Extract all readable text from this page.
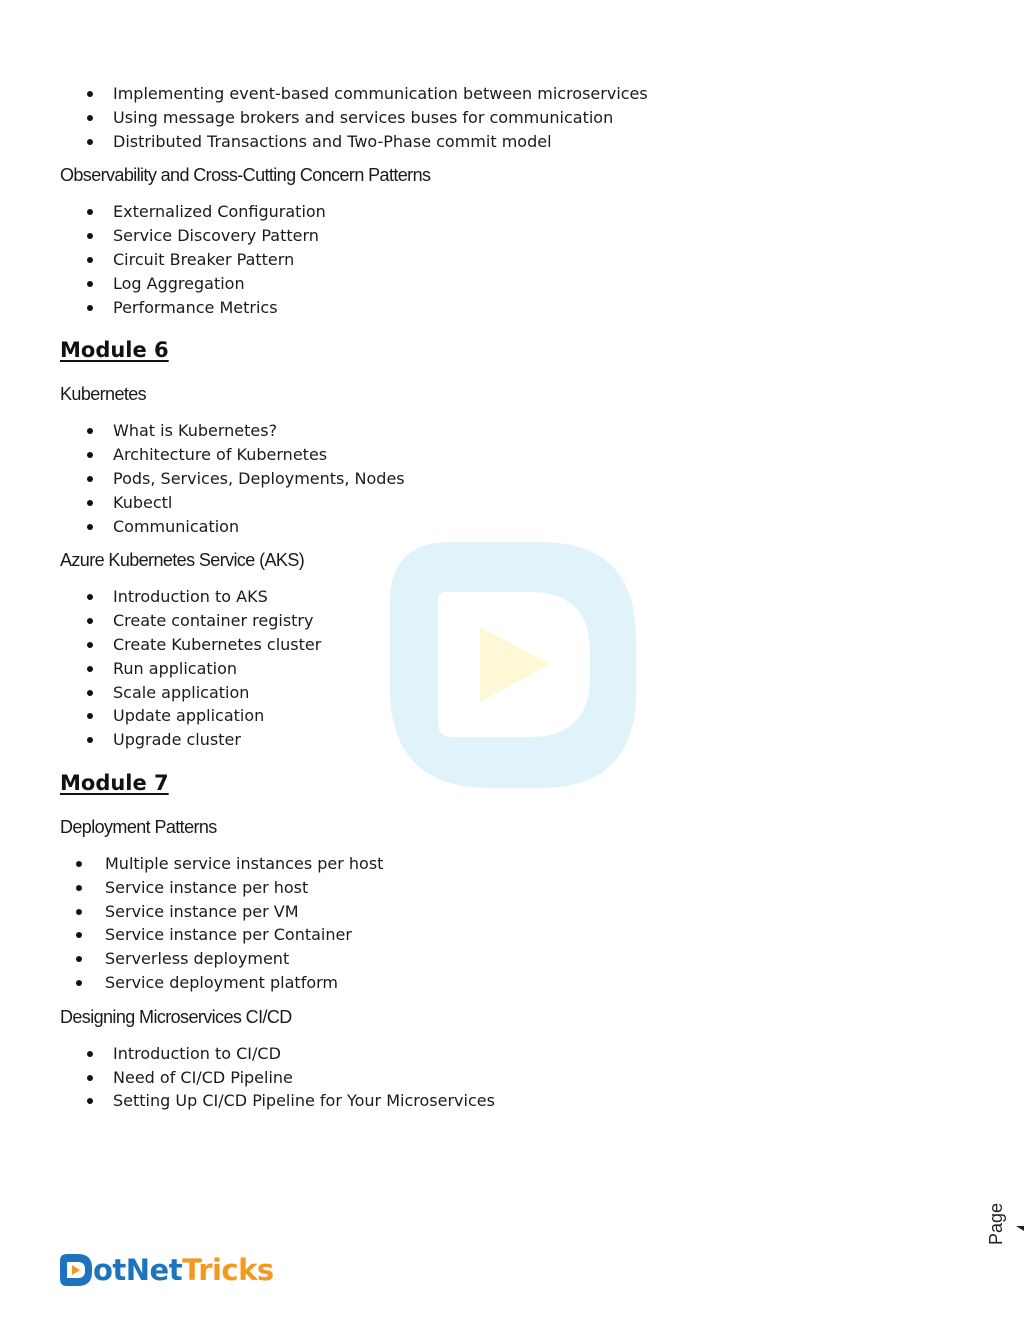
Implementing event-based communication between microservices
Using message brokers and services buses for communication
Distributed Transactions and Two-Phase commit model
Observability and Cross-Cutting Concern Patterns
Externalized Configuration
Service Discovery Pattern
Circuit Breaker Pattern
Log Aggregation
Performance Metrics
Module 6
Kubernetes
What is Kubernetes?
Architecture of Kubernetes
Pods, Services, Deployments, Nodes
Kubectl
Communication
Azure Kubernetes Service (AKS)
Introduction to AKS
Create container registry
Create Kubernetes cluster
Run application
Scale application
Update application
Upgrade cluster
Module 7
Deployment Patterns
Multiple service instances per host
Service instance per host
Service instance per VM
Service instance per Container
Serverless deployment
Service deployment platform
Designing Microservices CI/CD
Introduction to CI/CD
Need of CI/CD Pipeline
Setting Up CI/CD Pipeline for Your Microservices
Page
otNetTricks
